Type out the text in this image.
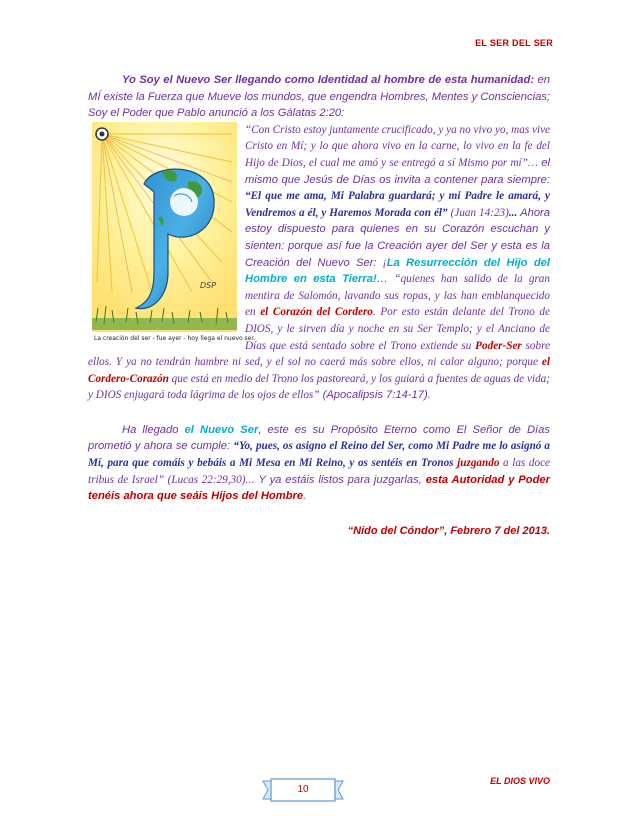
EL SER DEL SER

Yo Soy el Nuevo Ser llegando como Identidad al hombre de esta humanidad: en MÍ existe la Fuerza que Mueve los mundos, que engendra Hombres, Mentes y Consciencias; Soy el Poder que Pablo anunció a los Gálatas 2:20:

DSP
La creación del ser - fue ayer - hoy llega el nuevo ser.

“Con Cristo estoy juntamente crucificado, y ya no vivo yo, mas vive Cristo en Mí; y lo que ahora vivo en la carne, lo vivo en la fe del Hijo de Dios, el cual me amó y se entregó a sí Mismo por mí”… el mismo que Jesús de Días os invita a contener para siempre: “El que me ama, Mi Palabra guardará; y mi Padre le amará, y Vendremos a él, y Haremos Morada con él” (Juan 14:23)... Ahora estoy dispuesto para quienes en su Corazón escuchan y sienten: porque así fue la Creación ayer del Ser y esta es la Creación del Nuevo Ser: ¡La Resurrección del Hijo del Hombre en esta Tierra!… “quienes han salido de la gran mentira de Salomón, lavando sus ropas, y las han emblanquecido en el Corazón del Cordero. Por esto están delante del Trono de DIOS, y le sirven día y noche en su Ser Templo; y el Anciano de Días que está sentado sobre el Trono extiende su Poder-Ser sobre ellos. Y ya no tendrán hambre ni sed, y el sol no caerá más sobre ellos, ni calor alguno; porque el Cordero-Corazón que está en medio del Trono los pastoreará, y los guiará a fuentes de aguas de vida; y DIOS enjugará toda lágrima de los ojos de ellos” (Apocalipsis 7:14-17).

Ha llegado el Nuevo Ser, este es su Propósito Eterno como El Señor de Días prometió y ahora se cumple: “Yo, pues, os asigno el Reino del Ser, como Mi Padre me lo asignó a Mí, para que comáis y bebáis a Mi Mesa en Mi Reino, y os sentéis en Tronos juzgando a las doce tribus de Israel” (Lucas 22:29,30)... Y ya estáis listos para juzgarlas, esta Autoridad y Poder tenéis ahora que seáis Hijos del Hombre.

“Nido del Cóndor”, Febrero 7 del 2013.
EL DIOS VIVO
10
